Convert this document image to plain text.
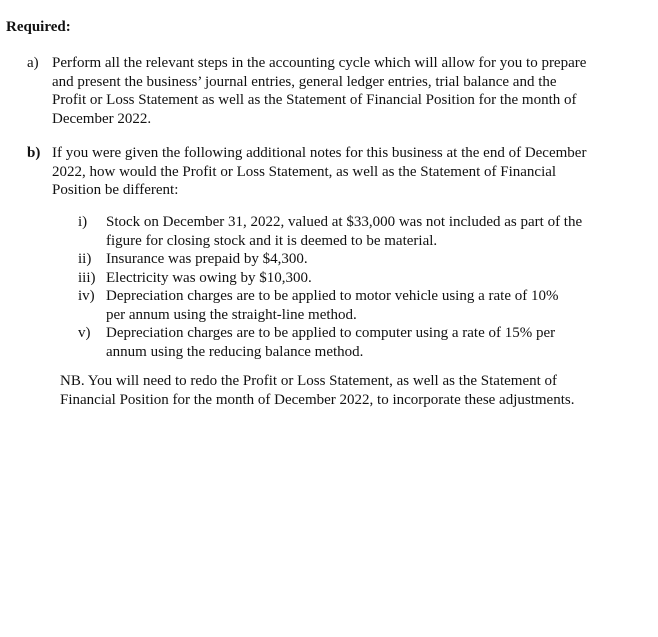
Required:
a) Perform all the relevant steps in the accounting cycle which will allow for you to prepare
and present the business’ journal entries, general ledger entries, trial balance and the
Profit or Loss Statement as well as the Statement of Financial Position for the month of
December 2022.
b) If you were given the following additional notes for this business at the end of December
2022, how would the Profit or Loss Statement, as well as the Statement of Financial
Position be different:
i) Stock on December 31, 2022, valued at $33,000 was not included as part of the
figure for closing stock and it is deemed to be material.
ii) Insurance was prepaid by $4,300.
iii) Electricity was owing by $10,300.
iv) Depreciation charges are to be applied to motor vehicle using a rate of 10%
per annum using the straight-line method.
v) Depreciation charges are to be applied to computer using a rate of 15% per
annum using the reducing balance method.
NB. You will need to redo the Profit or Loss Statement, as well as the Statement of
Financial Position for the month of December 2022, to incorporate these adjustments.
